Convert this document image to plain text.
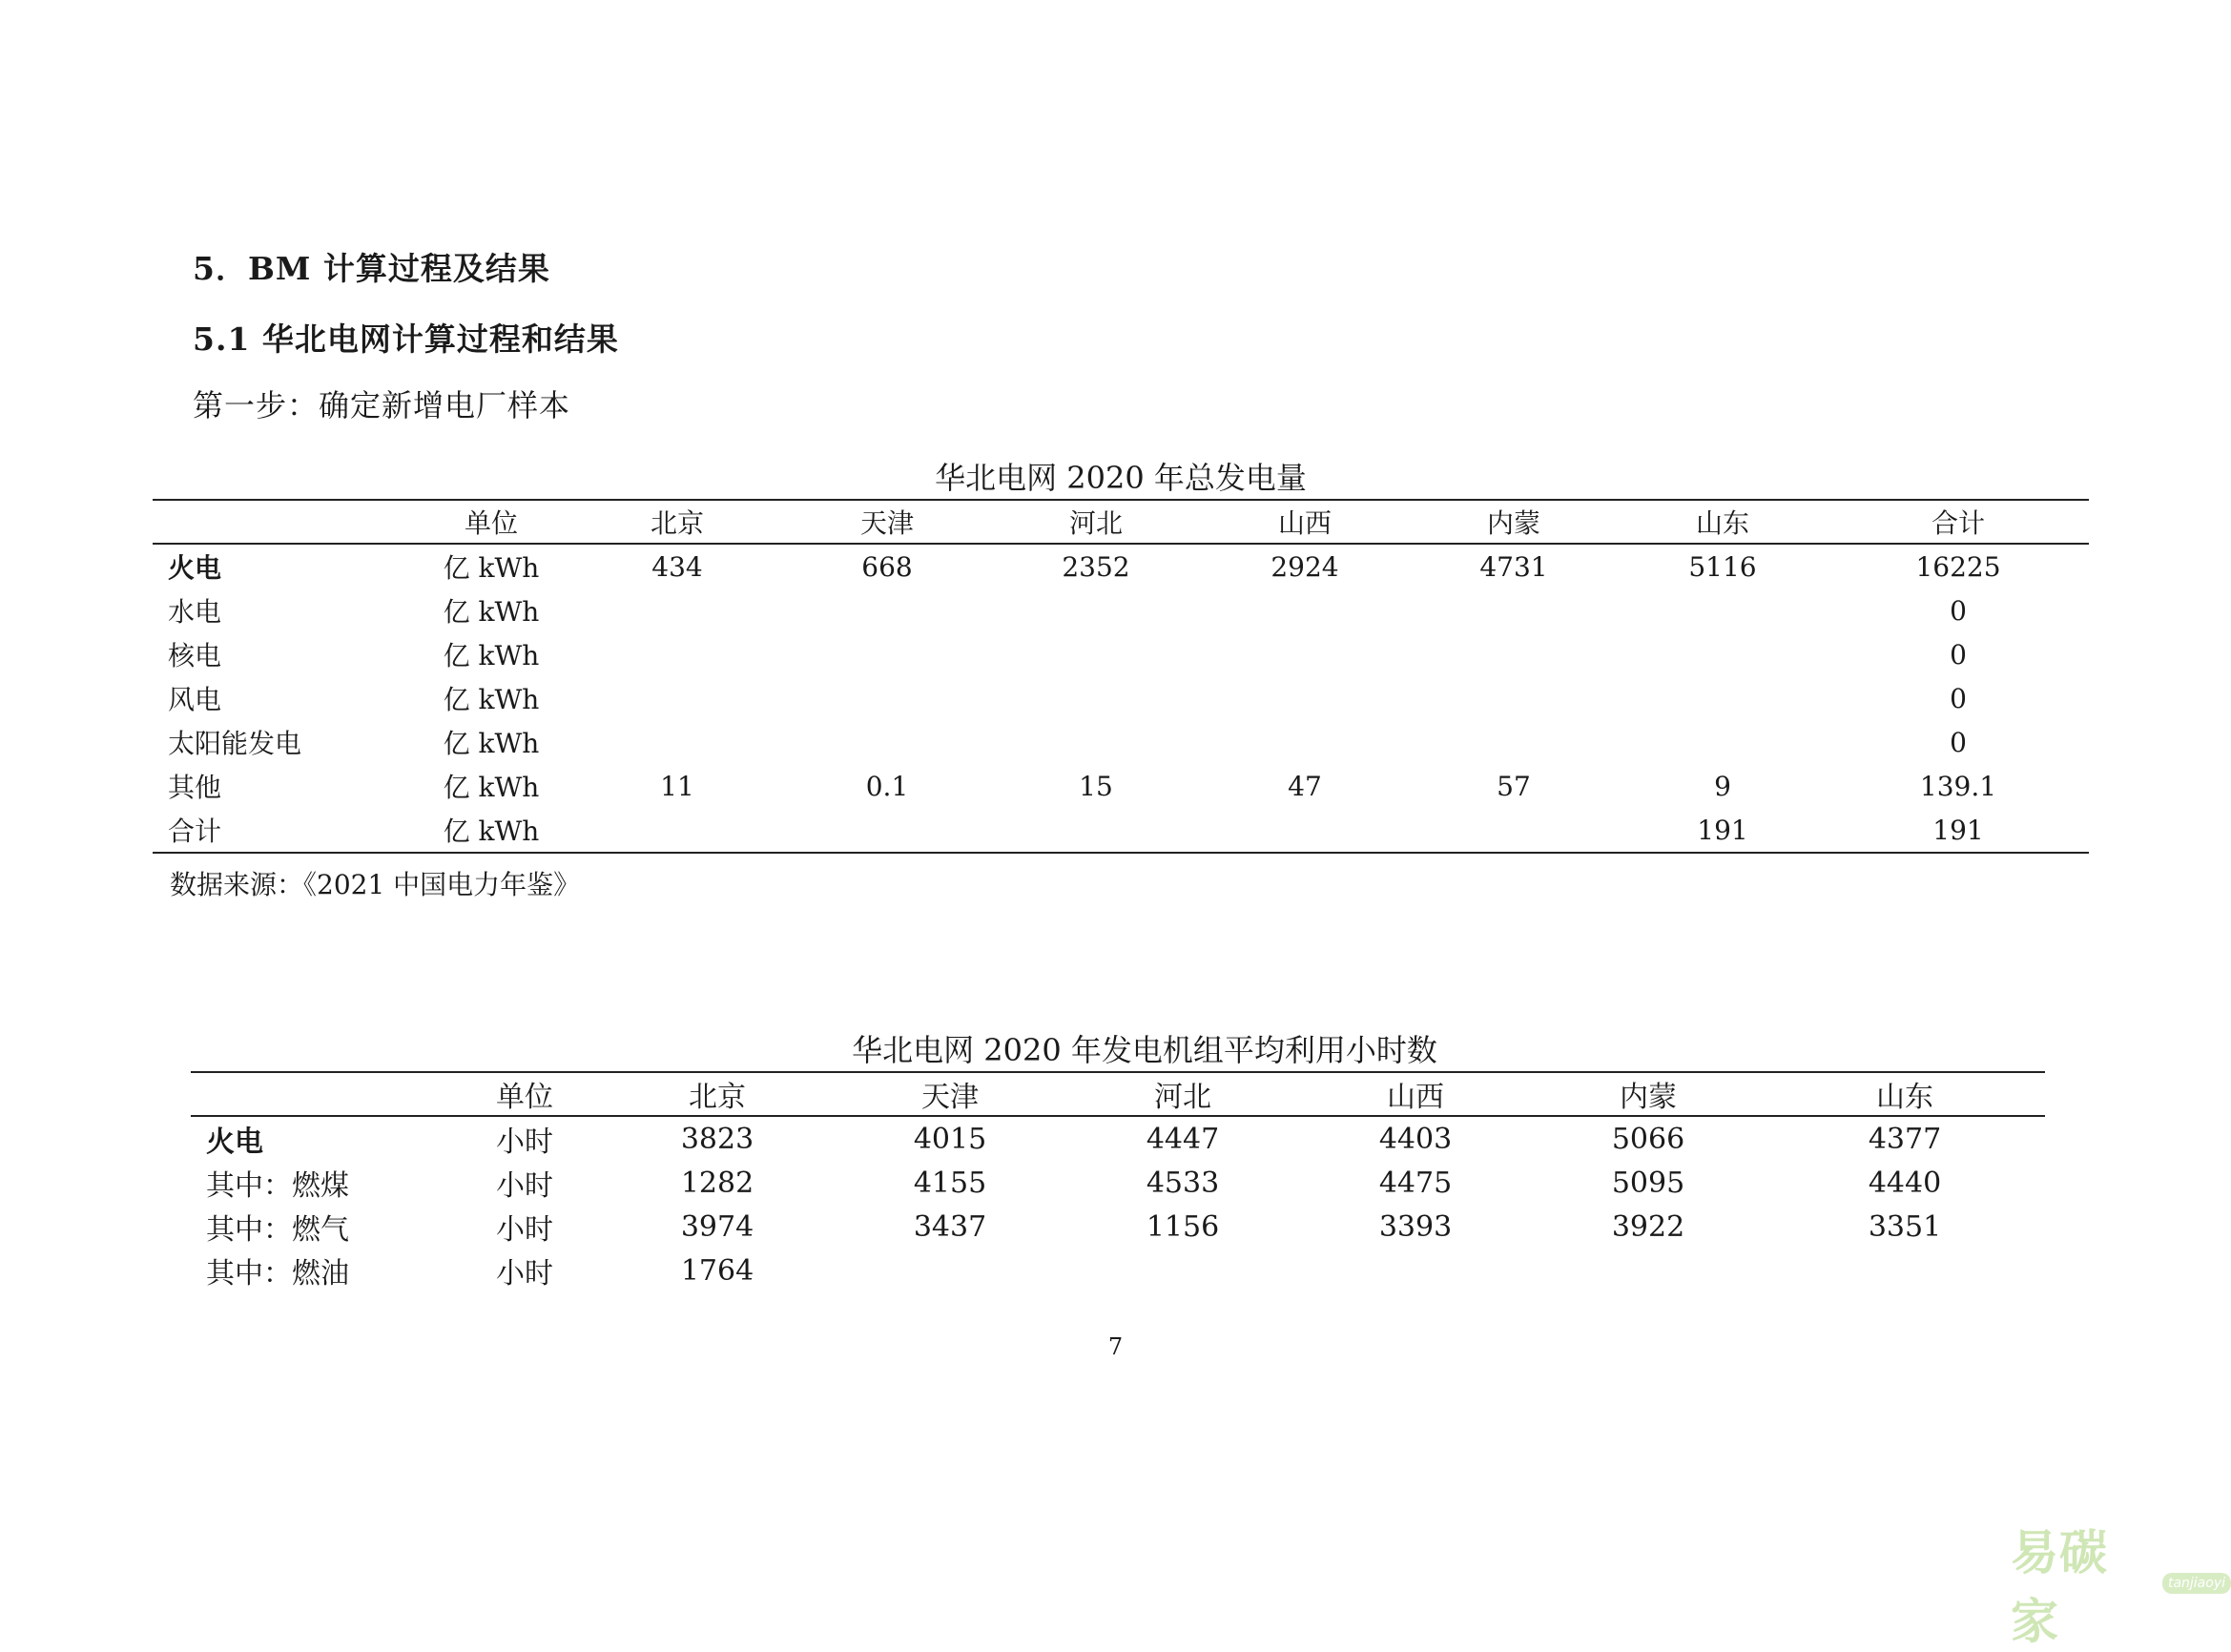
5．BM 计算过程及结果
5.1 华北电网计算过程和结果
第一步：确定新增电厂样本
华北电网 2020 年总发电量
	单位	北京	天津	河北	山西	内蒙	山东	合计
火电	亿 kWh	434	668	2352	2924	4731	5116	16225
水电	亿 kWh							0
核电	亿 kWh							0
风电	亿 kWh							0
太阳能发电	亿 kWh							0
其他	亿 kWh	11	0.1	15	47	57	9	139.1
合计	亿 kWh						191	191
数据来源：《2021 中国电力年鉴》
华北电网 2020 年发电机组平均利用小时数
	单位	北京	天津	河北	山西	内蒙	山东
火电	小时	3823	4015	4447	4403	5066	4377
其中：燃煤	小时	1282	4155	4533	4475	5095	4440
其中：燃气	小时	3974	3437	1156	3393	3922	3351
其中：燃油	小时	1764					
7
易碳家
tanjiaoyi
